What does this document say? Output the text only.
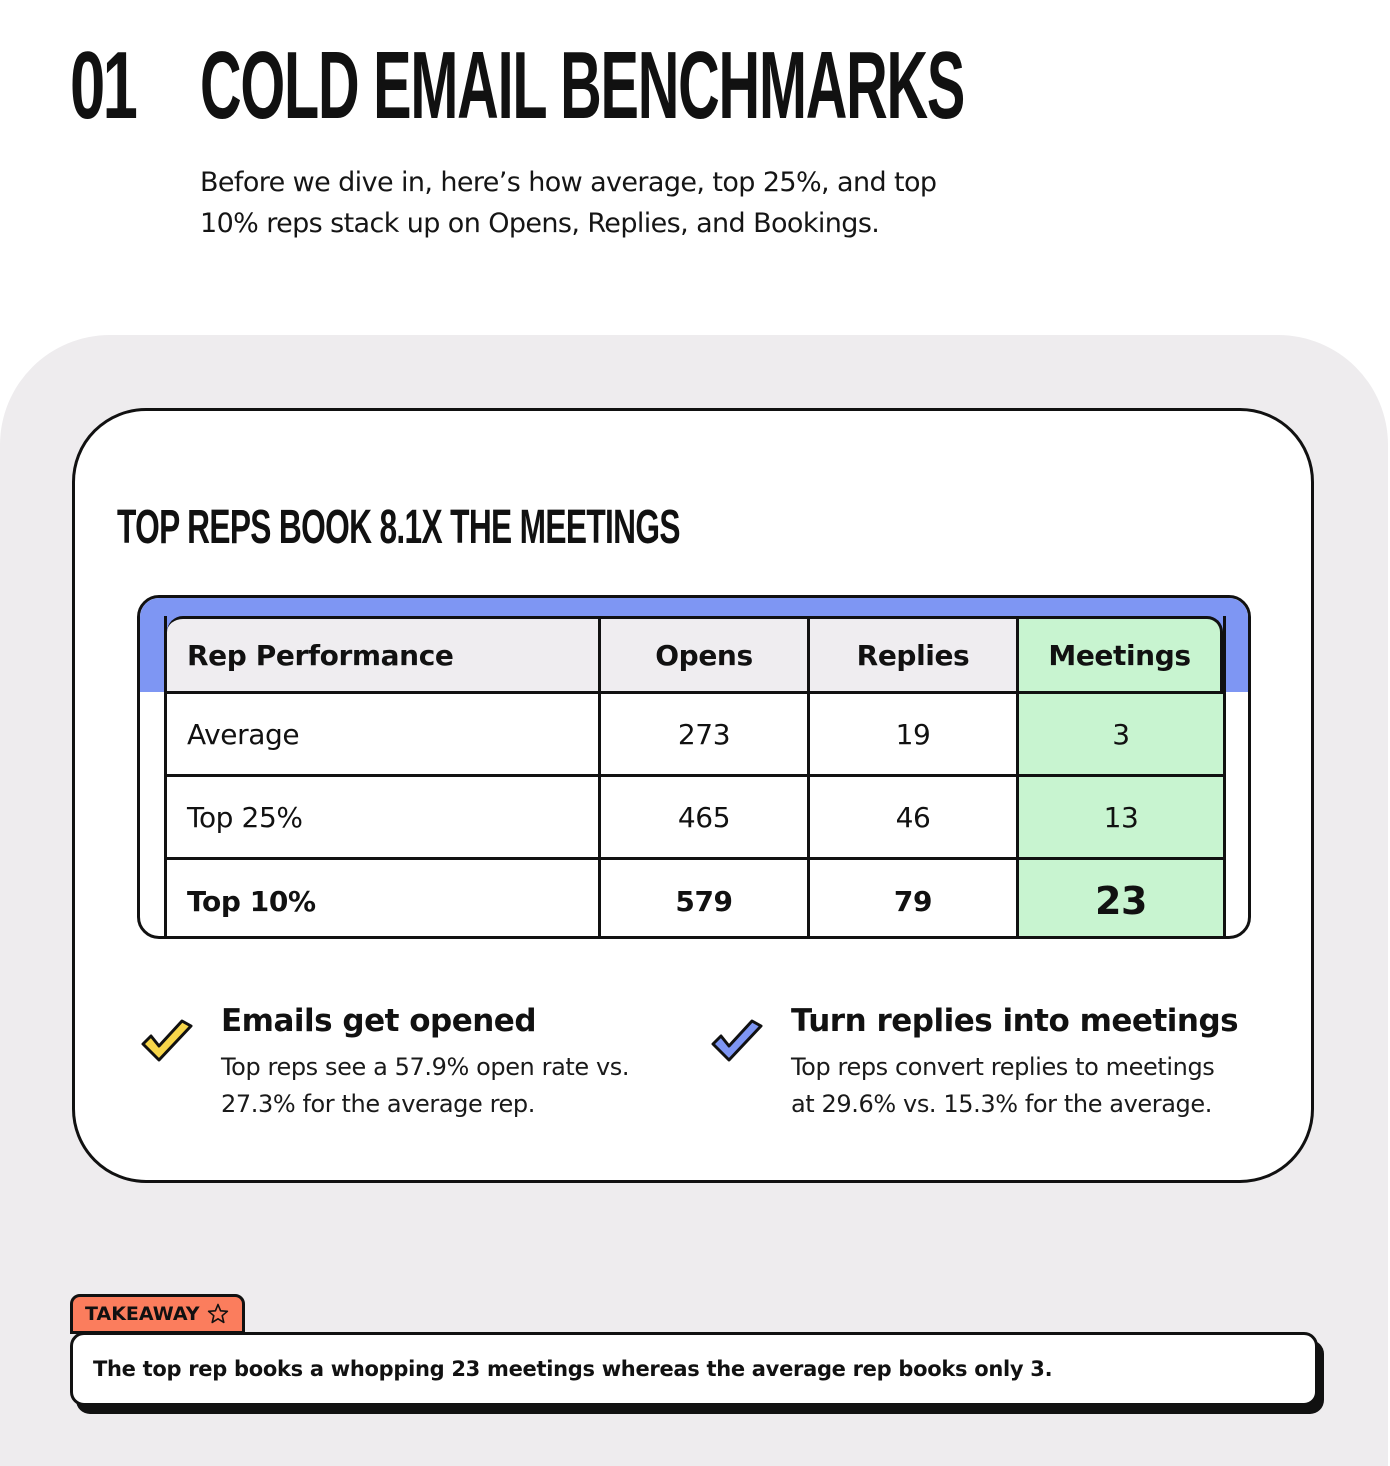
01 COLD EMAIL BENCHMARKS
Before we dive in, here’s how average, top 25%, and top
10% reps stack up on Opens, Replies, and Bookings.
TOP REPS BOOK 8.1X THE MEETINGS
Rep Performance	Opens	Replies	Meetings
Average	273	19	3
Top 25%	465	46	13
Top 10%	579	79	23
Emails get opened
Top reps see a 57.9% open rate vs.
27.3% for the average rep.
Turn replies into meetings
Top reps convert replies to meetings
at 29.6% vs. 15.3% for the average.
TAKEAWAY
The top rep books a whopping 23 meetings whereas the average rep books only 3.
